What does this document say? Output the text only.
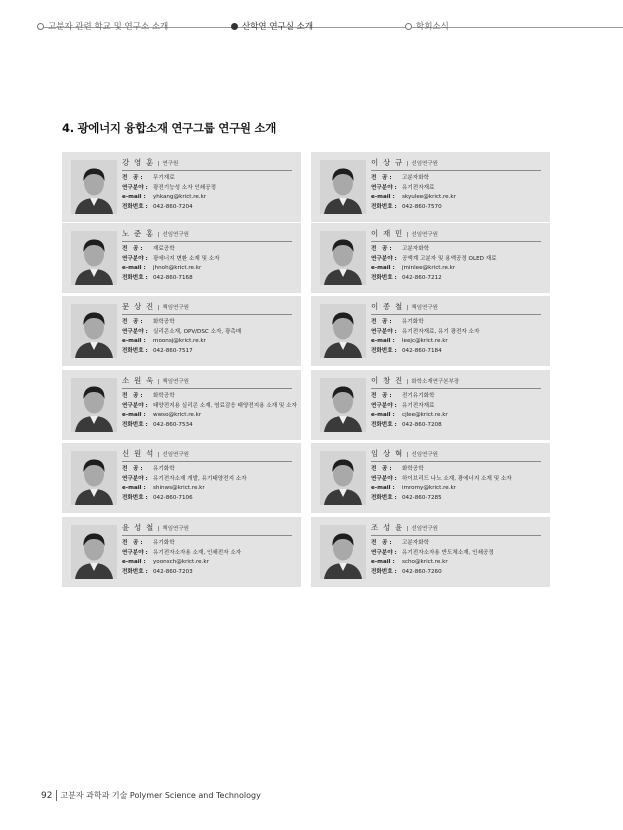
고분자 관련 학교 및 연구소 소개	산학연 연구실 소개	학회소식
4. 광에너지 융합소재 연구그룹 연구원 소개
강 영 훈 | 연구원
전　공 : 무기재료
연구분야 : 광전기능성 소자 인쇄공정
e-mail : yhkang@krict.re.kr
전화번호 : 042-860-7204
이 상 규 | 선임연구원
전　공 : 고분자화학
연구분야 : 유기전자재료
e-mail : skyulee@krict.re.kr
전화번호 : 042-860-7570
노 준 홍 | 선임연구원
전　공 : 재료공학
연구분야 : 광에너지 변환 소재 및 소자
e-mail : jhnoh@krict.re.kr
전화번호 : 042-860-7168
이 재 민 | 선임연구원
전　공 : 고분자화학
연구분야 : 공액계 고분자 및 용액공정 OLED 재료
e-mail : jminlee@krict.re.kr
전화번호 : 042-860-7212
문 상 진 | 책임연구원
전　공 : 화학공학
연구분야 : 실리콘소재, OPV/DSC 소자, 광촉매
e-mail : moonsj@krict.re.kr
전화번호 : 042-860-7517
이 종 철 | 책임연구원
전　공 : 유기화학
연구분야 : 유기전자재료, 유기 광전자 소자
e-mail : leejc@krict.re.kr
전화번호 : 042-860-7184
소 원 욱 | 책임연구원
전　공 : 화학공학
연구분야 : 태양전지용 실리콘 소재, 염료감응 태양전지용 소재 및 소자
e-mail : wwso@krict.re.kr
전화번호 : 042-860-7534
이 창 진 | 화학소재연구본부장
전　공 : 전기유기화학
연구분야 : 유기전자재료
e-mail : cjlee@krict.re.kr
전화번호 : 042-860-7208
신 원 석 | 선임연구원
전　공 : 유기화학
연구분야 : 유기전자소재 개발, 유기태양전지 소자
e-mail : shinws@krict.re.kr
전화번호 : 042-860-7106
임 상 혁 | 선임연구원
전　공 : 화학공학
연구분야 : 하이브리드 나노 소재, 광에너지 소재 및 소자
e-mail : imromy@krict.re.kr
전화번호 : 042-860-7285
윤 성 철 | 책임연구원
전　공 : 유기화학
연구분야 : 유기전자소자용 소재, 인쇄전자 소자
e-mail : yoonsch@krict.re.kr
전화번호 : 042-860-7203
조 성 윤 | 선임연구원
전　공 : 고분자화학
연구분야 : 유기전자소자용 반도체소재, 인쇄공정
e-mail : scho@krict.re.kr
전화번호 : 042-860-7260
92 고분자 과학과 기술 Polymer Science and Technology
